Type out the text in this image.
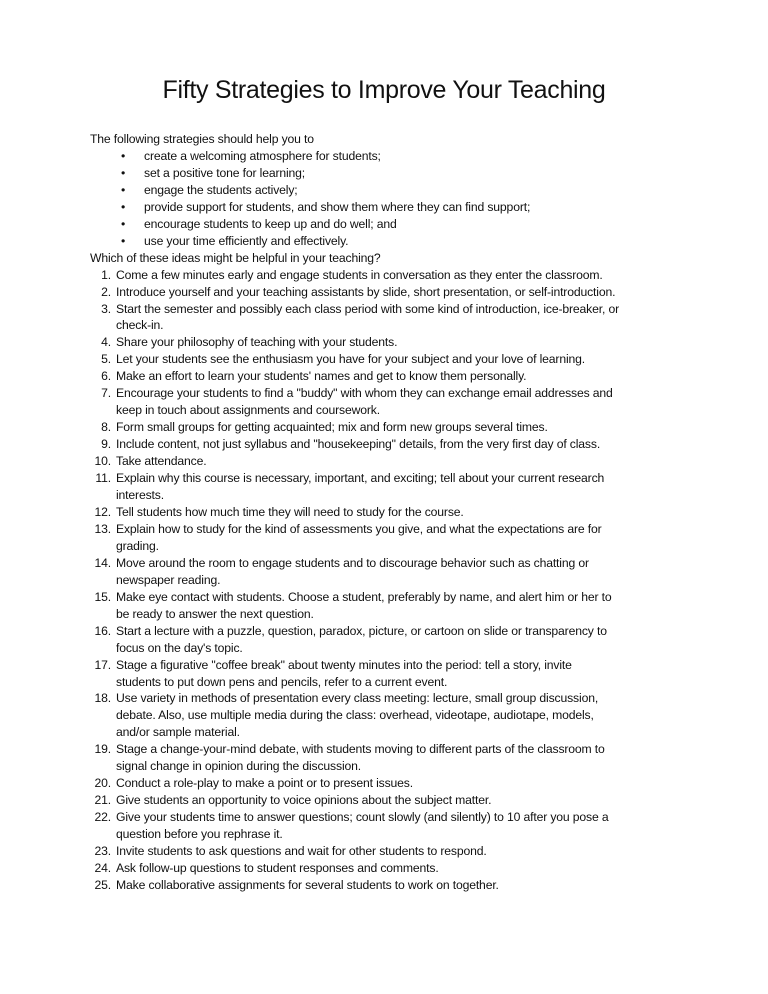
Fifty Strategies to Improve Your Teaching
The following strategies should help you to
• create a welcoming atmosphere for students;
• set a positive tone for learning;
• engage the students actively;
• provide support for students, and show them where they can find support;
• encourage students to keep up and do well; and
• use your time efficiently and effectively.
Which of these ideas might be helpful in your teaching?
1. Come a few minutes early and engage students in conversation as they enter the classroom.
2. Introduce yourself and your teaching assistants by slide, short presentation, or self-introduction.
3. Start the semester and possibly each class period with some kind of introduction, ice-breaker, or
check-in.
4. Share your philosophy of teaching with your students.
5. Let your students see the enthusiasm you have for your subject and your love of learning.
6. Make an effort to learn your students' names and get to know them personally.
7. Encourage your students to find a "buddy" with whom they can exchange email addresses and
keep in touch about assignments and coursework.
8. Form small groups for getting acquainted; mix and form new groups several times.
9. Include content, not just syllabus and "housekeeping" details, from the very first day of class.
10. Take attendance.
11. Explain why this course is necessary, important, and exciting; tell about your current research
interests.
12. Tell students how much time they will need to study for the course.
13. Explain how to study for the kind of assessments you give, and what the expectations are for
grading.
14. Move around the room to engage students and to discourage behavior such as chatting or
newspaper reading.
15. Make eye contact with students. Choose a student, preferably by name, and alert him or her to
be ready to answer the next question.
16. Start a lecture with a puzzle, question, paradox, picture, or cartoon on slide or transparency to
focus on the day's topic.
17. Stage a figurative "coffee break" about twenty minutes into the period: tell a story, invite
students to put down pens and pencils, refer to a current event.
18. Use variety in methods of presentation every class meeting: lecture, small group discussion,
debate. Also, use multiple media during the class: overhead, videotape, audiotape, models,
and/or sample material.
19. Stage a change-your-mind debate, with students moving to different parts of the classroom to
signal change in opinion during the discussion.
20. Conduct a role-play to make a point or to present issues.
21. Give students an opportunity to voice opinions about the subject matter.
22. Give your students time to answer questions; count slowly (and silently) to 10 after you pose a
question before you rephrase it.
23. Invite students to ask questions and wait for other students to respond.
24. Ask follow-up questions to student responses and comments.
25. Make collaborative assignments for several students to work on together.
